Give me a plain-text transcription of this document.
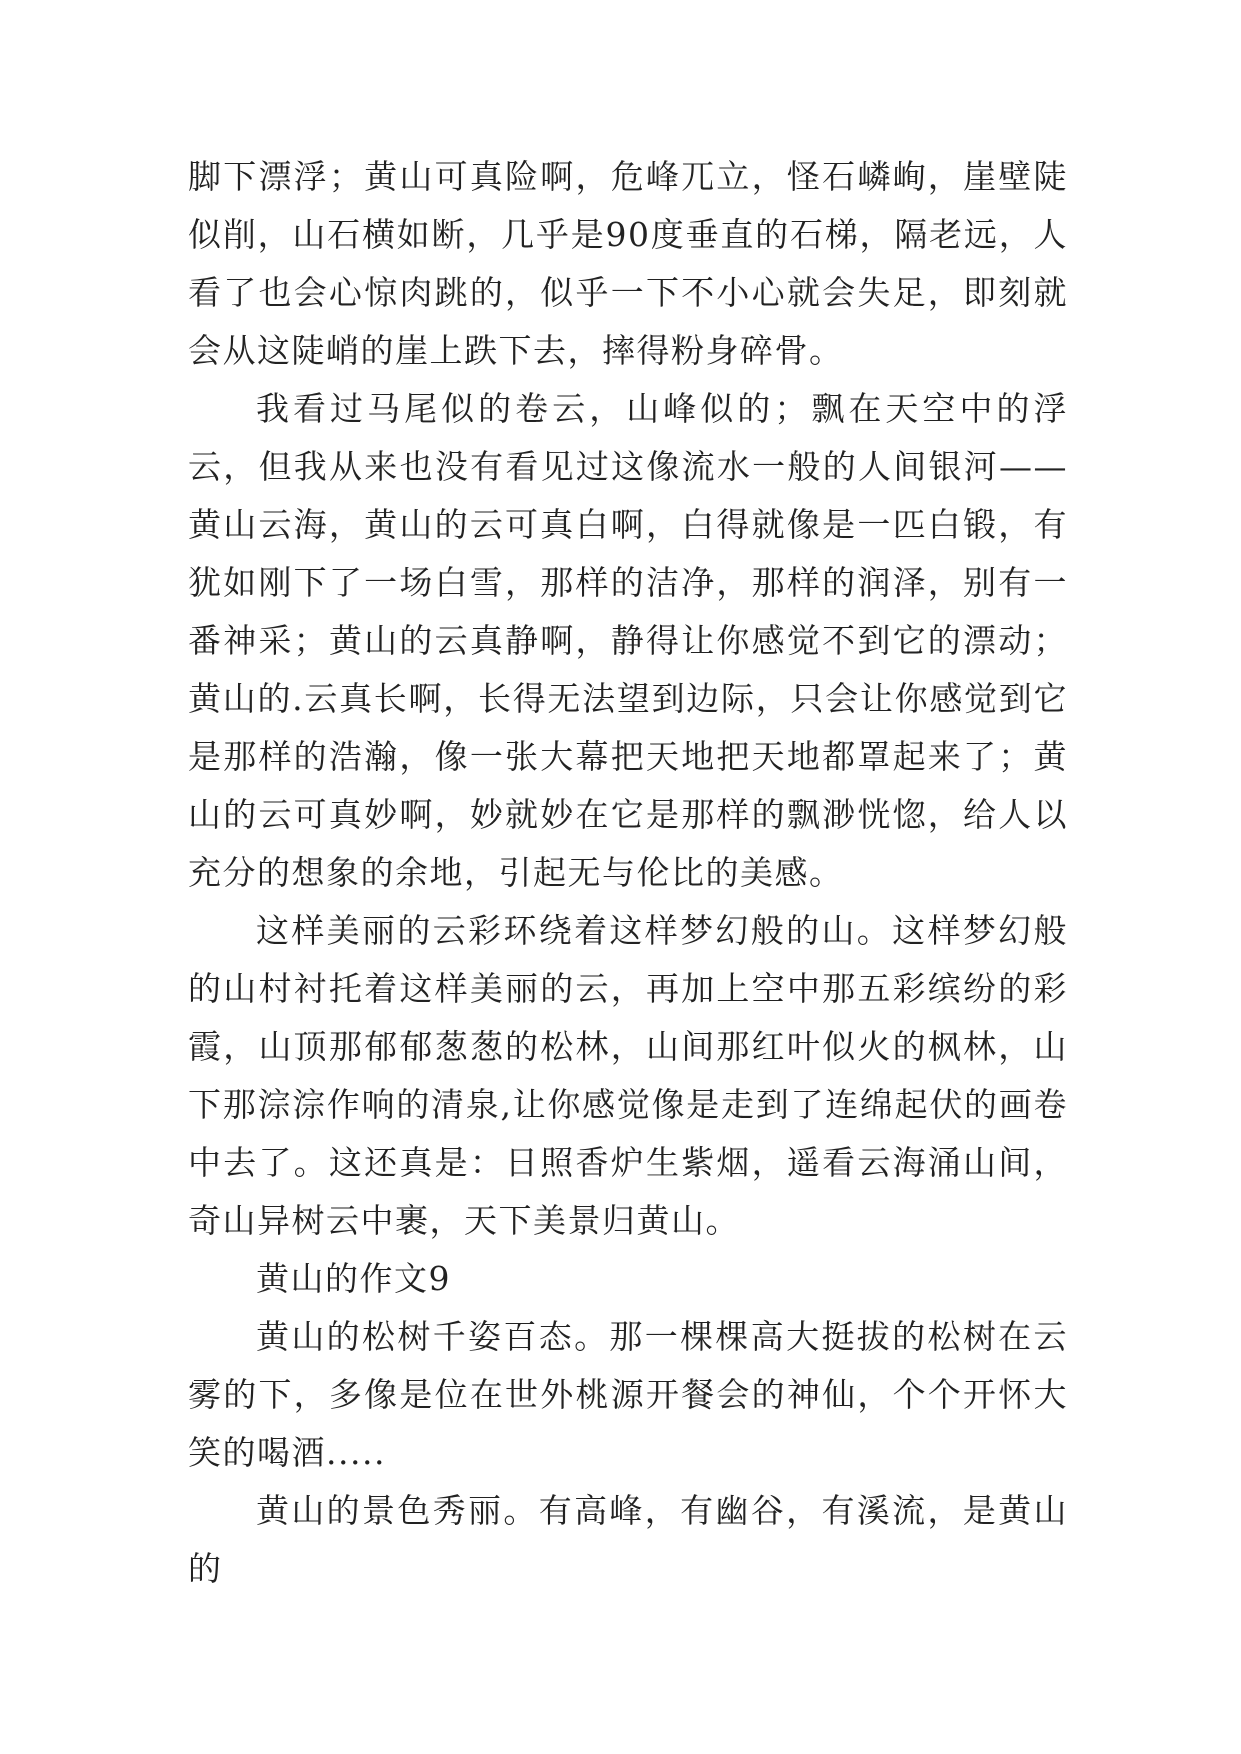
脚下漂浮；黄山可真险啊，危峰兀立，怪石嶙峋，崖壁陡似削，山石横如断，几乎是90度垂直的石梯，隔老远，人看了也会心惊肉跳的，似乎一下不小心就会失足，即刻就会从这陡峭的崖上跌下去，摔得粉身碎骨。

我看过马尾似的卷云，山峰似的；飘在天空中的浮云，但我从来也没有看见过这像流水一般的人间银河——黄山云海，黄山的云可真白啊，白得就像是一匹白锻，有犹如刚下了一场白雪，那样的洁净，那样的润泽，别有一番神采；黄山的云真静啊，静得让你感觉不到它的漂动；黄山的.云真长啊，长得无法望到边际，只会让你感觉到它是那样的浩瀚，像一张大幕把天地把天地都罩起来了；黄山的云可真妙啊，妙就妙在它是那样的飘渺恍惚，给人以充分的想象的余地，引起无与伦比的美感。

这样美丽的云彩环绕着这样梦幻般的山。这样梦幻般的山村衬托着这样美丽的云，再加上空中那五彩缤纷的彩霞，山顶那郁郁葱葱的松林，山间那红叶似火的枫林，山下那淙淙作响的清泉,让你感觉像是走到了连绵起伏的画卷中去了。这还真是：日照香炉生紫烟，遥看云海涌山间，奇山异树云中裹，天下美景归黄山。

黄山的作文9

黄山的松树千姿百态。那一棵棵高大挺拔的松树在云雾的下，多像是位在世外桃源开餐会的神仙，个个开怀大笑的喝酒.....

黄山的景色秀丽。有高峰，有幽谷，有溪流，是黄山的
